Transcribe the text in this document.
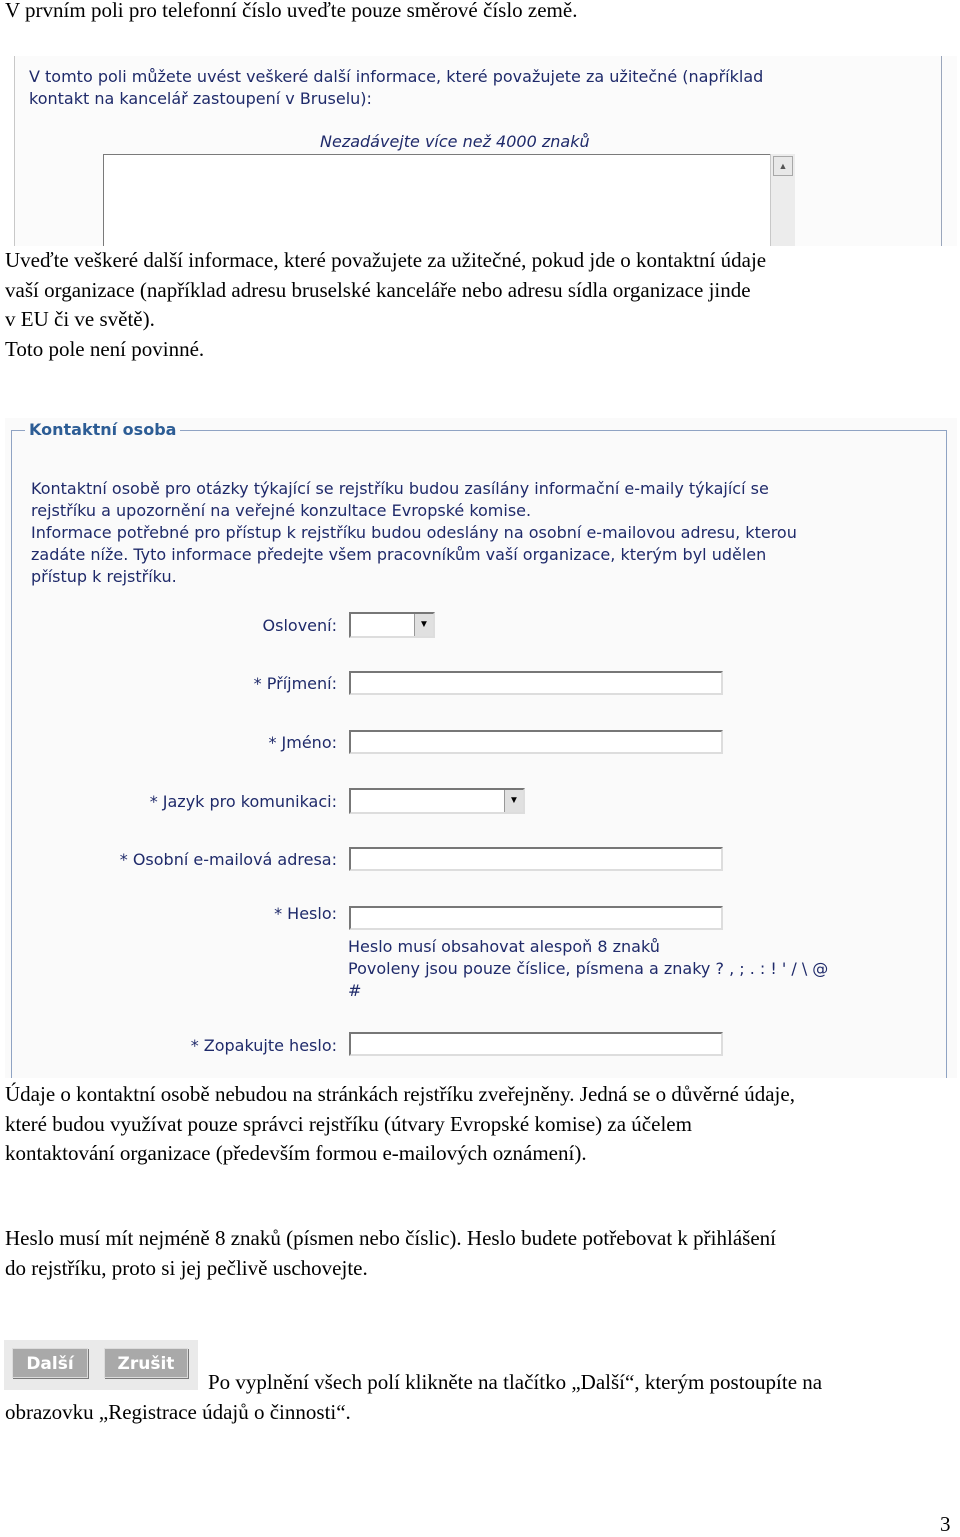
V prvním poli pro telefonní číslo uveďte pouze směrové číslo země.

V tomto poli můžete uvést veškeré další informace, které považujete za užitečné (například
kontakt na kancelář zastoupení v Bruselu):
Nezadávejte více než 4000 znaků
▲
Uveďte veškeré další informace, které považujete za užitečné, pokud jde o kontaktní údaje
vaší organizace (například adresu bruselské kanceláře nebo adresu sídla organizace jinde
v EU či ve světě).
Toto pole není povinné.
Kontaktní osoba
Kontaktní osobě pro otázky týkající se rejstříku budou zasílány informační e-maily týkající se
rejstříku a upozornění na veřejné konzultace Evropské komise.
Informace potřebné pro přístup k rejstříku budou odeslány na osobní e-mailovou adresu, kterou
zadáte níže. Tyto informace předejte všem pracovníkům vaší organizace, kterým byl udělen
přístup k rejstříku.
Oslovení:	▼
* Příjmení:
* Jméno:
* Jazyk pro komunikaci:	▼
* Osobní e-mailová adresa:
* Heslo:
Heslo musí obsahovat alespoň 8 znaků
Povoleny jsou pouze číslice, písmena a znaky ? , ; . : ! ' / \ @
#
* Zopakujte heslo:
Údaje o kontaktní osobě nebudou na stránkách rejstříku zveřejněny. Jedná se o důvěrné údaje,
které budou využívat pouze správci rejstříku (útvary Evropské komise) za účelem
kontaktování organizace (především formou e-mailových oznámení).
Heslo musí mít nejméně 8 znaků (písmen nebo číslic). Heslo budete potřebovat k přihlášení
do rejstříku, proto si jej pečlivě uschovejte.
Další	Zrušit
Po vyplnění všech polí klikněte na tlačítko „Další“, kterým postoupíte na
obrazovku „Registrace údajů o činnosti“.
3
